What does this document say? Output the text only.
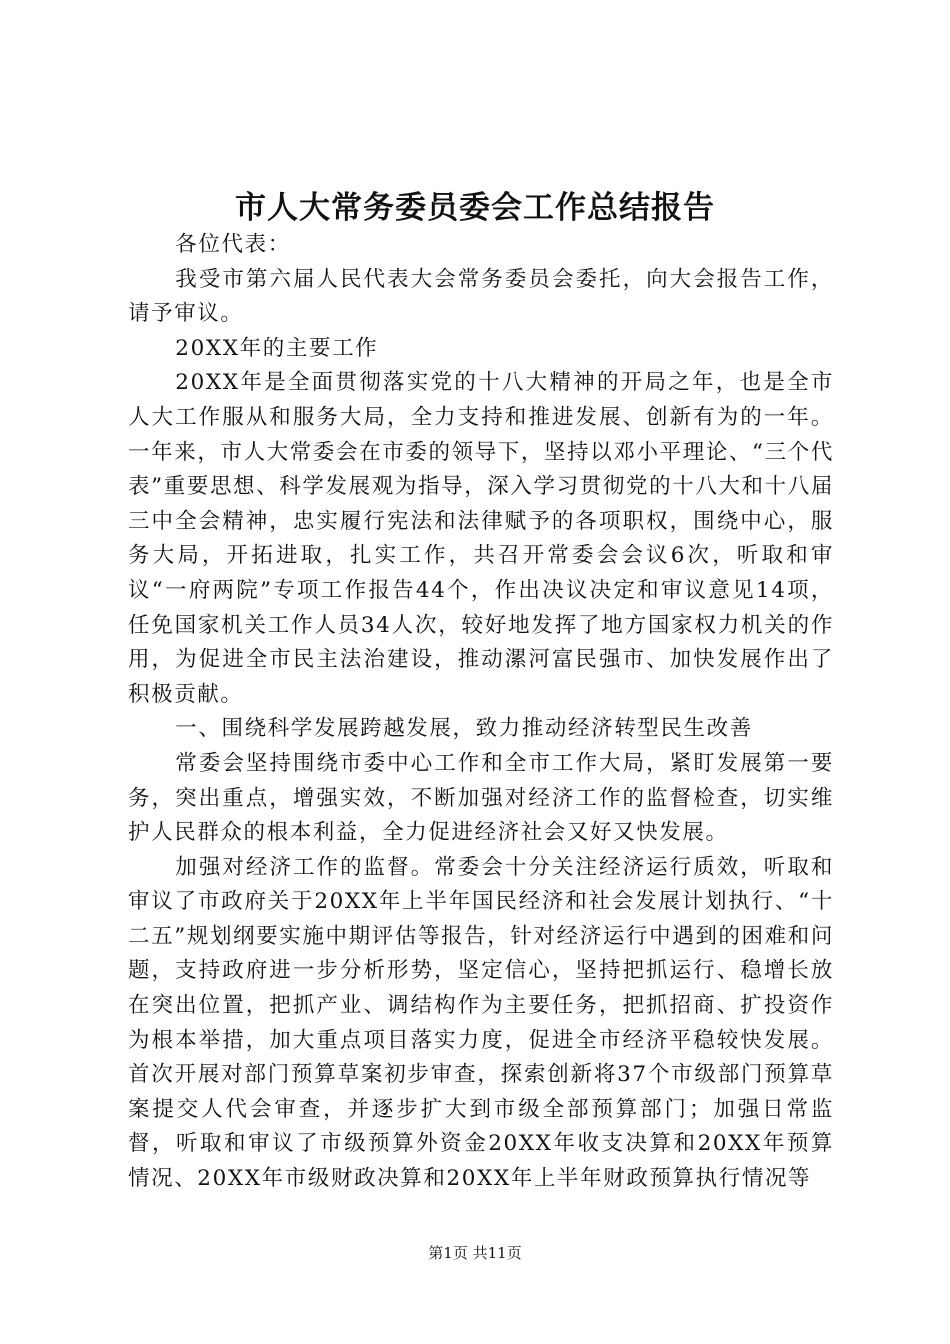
市人大常务委员委会工作总结报告

各位代表：

我受市第六届人民代表大会常务委员会委托，向大会报告工作，请予审议。

20XX年的主要工作

20XX年是全面贯彻落实党的十八大精神的开局之年，也是全市人大工作服从和服务大局，全力支持和推进发展、创新有为的一年。一年来，市人大常委会在市委的领导下，坚持以邓小平理论、“三个代表”重要思想、科学发展观为指导，深入学习贯彻党的十八大和十八届三中全会精神，忠实履行宪法和法律赋予的各项职权，围绕中心，服务大局，开拓进取，扎实工作，共召开常委会会议6次，听取和审议“一府两院”专项工作报告44个，作出决议决定和审议意见14项，任免国家机关工作人员34人次，较好地发挥了地方国家权力机关的作用，为促进全市民主法治建设，推动漯河富民强市、加快发展作出了积极贡献。

一、围绕科学发展跨越发展，致力推动经济转型民生改善

常委会坚持围绕市委中心工作和全市工作大局，紧盯发展第一要务，突出重点，增强实效，不断加强对经济工作的监督检查，切实维护人民群众的根本利益，全力促进经济社会又好又快发展。

加强对经济工作的监督。常委会十分关注经济运行质效，听取和审议了市政府关于20XX年上半年国民经济和社会发展计划执行、“十二五”规划纲要实施中期评估等报告，针对经济运行中遇到的困难和问题，支持政府进一步分析形势，坚定信心，坚持把抓运行、稳增长放在突出位置，把抓产业、调结构作为主要任务，把抓招商、扩投资作为根本举措，加大重点项目落实力度，促进全市经济平稳较快发展。首次开展对部门预算草案初步审查，探索创新将37个市级部门预算草案提交人代会审查，并逐步扩大到市级全部预算部门；加强日常监督，听取和审议了市级预算外资金20XX年收支决算和20XX年预算情况、20XX年市级财政决算和20XX年上半年财政预算执行情况等

第1页 共11页
